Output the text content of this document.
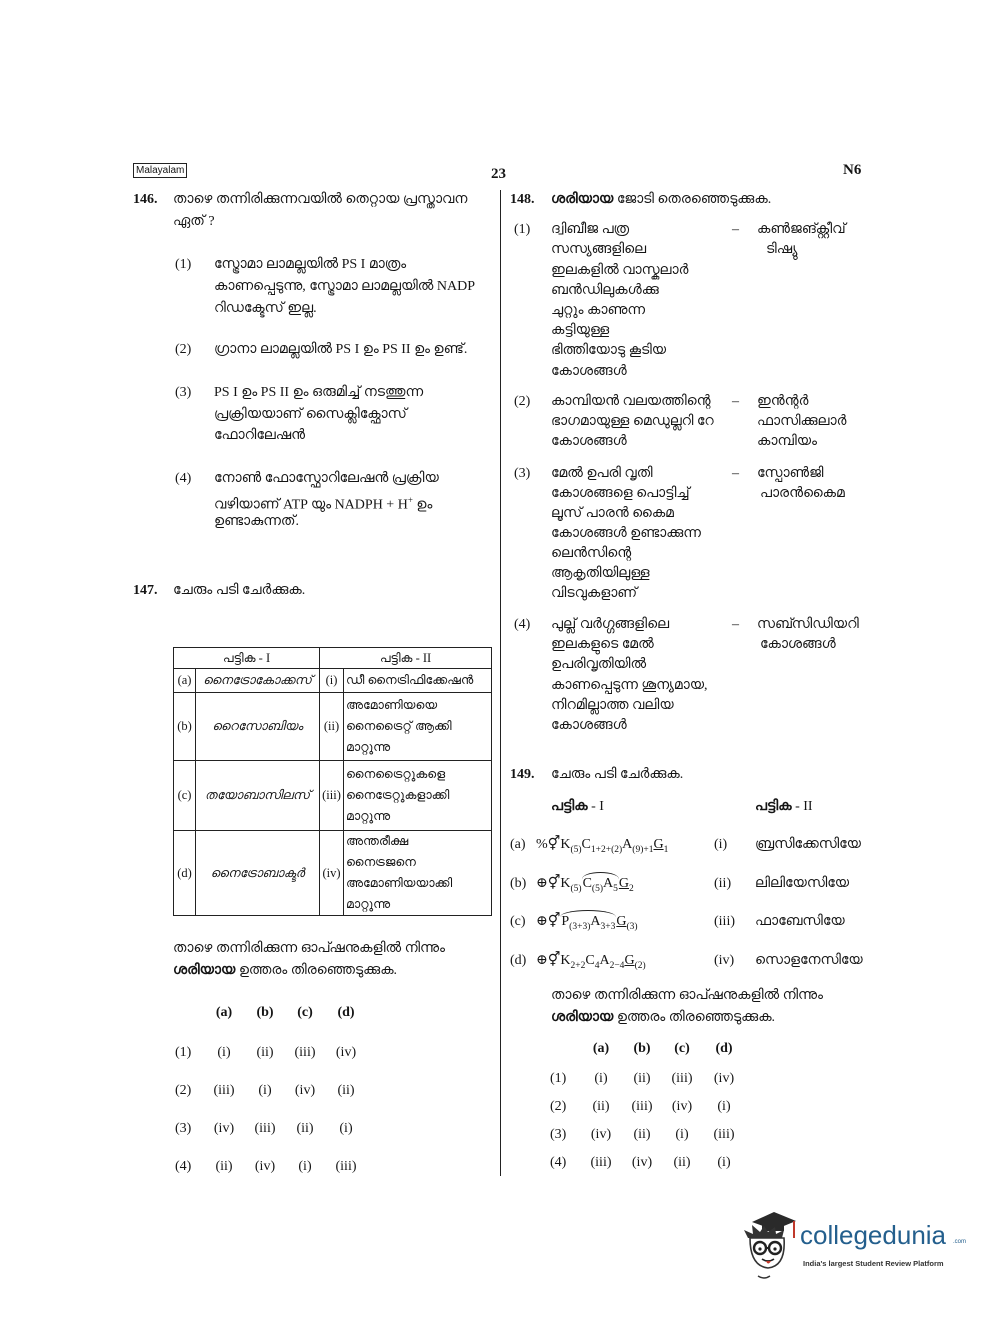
Malayalam	23	N6
146. താഴെ തന്നിരിക്കുന്നവയിൽ തെറ്റായ പ്രസ്താവന
ഏത് ?
(1) സ്ട്രോമാ ലാമല്ലയിൽ PS I മാത്രം
കാണപ്പെടുന്നു, സ്ട്രോമാ ലാമല്ലയിൽ NADP
റിഡക്ടേസ് ഇല്ല.
(2) ഗ്രാനാ ലാമല്ലയിൽ PS I ഉം PS II ഉം ഉണ്ട്.
(3) PS I ഉം PS II ഉം ഒരുമിച്ച് നടത്തുന്ന
പ്രക്രിയയാണ് സൈക്ലിക്ഫോസ്
ഫോറിലേഷൻ
(4) നോൺ ഫോസ്ഫോറിലേഷൻ പ്രക്രിയ
വഴിയാണ് ATP യും NADPH + H+ ഉം
ഉണ്ടാകുന്നത്.
147. ചേരും പടി ചേർക്കുക.
പട്ടിക - I		പട്ടിക - II	
(a)	നൈട്രോകോക്കസ്	(i)	ഡീ നൈട്രിഫിക്കേഷൻ

(b)	റൈസോബിയം	(ii)	അമോണിയയെ
നൈട്രൈറ്റ് ആക്കി
മാറ്റുന്നു

(c)	തയോബാസിലസ്	(iii)	നൈട്രൈറ്റുകളെ
നൈട്രേറ്റുകളാക്കി
മാറ്റുന്നു

(d)	നൈട്രോബാക്ടർ	(iv)	അന്തരീക്ഷ
നൈട്രജനെ
അമോണിയയാക്കി
മാറ്റുന്നു
താഴെ തന്നിരിക്കുന്ന ഓപ്ഷനുകളിൽ നിന്നും
ശരിയായ ഉത്തരം തിരഞ്ഞെടുക്കുക.
(a)	(b)	(c)	(d)
(1)	(i)	(ii)	(iii)	(iv)
(2)	(iii)	(i)	(iv)	(ii)
(3)	(iv)	(iii)	(ii)	(i)
(4)	(ii)	(iv)	(i)	(iii)
148. ശരിയായ ജോടി തെരഞ്ഞെടുക്കുക.
(1) ദ്വിബീജ പത്ര
സസ്യങ്ങളിലെ
ഇലകളിൽ വാസ്കുലാർ
ബൻഡിലുകൾക്കു
ചുറ്റും കാണുന്ന
കട്ടിയുള്ള
ഭിത്തിയോടു കൂടിയ
കോശങ്ങൾ
– കൺജങ്ക്റ്റീവ്
ടിഷ്യു
(2) കാമ്പിയൻ വലയത്തിന്റെ
ഭാഗമായുള്ള മെഡുല്ലറി റേ
കോശങ്ങൾ
– ഇൻന്റർ
ഫാസിക്കുലാർ
കാമ്പിയം
(3) മേൽ ഉപരി വൃതി
കോശങ്ങളെ പൊട്ടിച്ച്
ലൂസ് പാരൻ കൈമ
കോശങ്ങൾ ഉണ്ടാക്കുന്ന
ലെൻസിന്റെ
ആകൃതിയിലുള്ള
വിടവുകളാണ്
– സ്പോൺജി
പാരൻകൈമ
(4) പുല്ല് വർഗ്ഗങ്ങളിലെ
ഇലകളുടെ മേൽ
ഉപരിവൃതിയിൽ
കാണപ്പെടുന്ന ശൂന്യമായ,
നിറമില്ലാത്ത വലിയ
കോശങ്ങൾ
– സബ്സിഡിയറി
കോശങ്ങൾ
149. ചേരും പടി ചേർക്കുക.
പട്ടിക - I	പട്ടിക - II
(a) %⚥ K (5) C 1+2+(2) A (9)+1 G 1	(i) ബ്രസിക്കേസിയേ
(b) ⊕⚥ K (5) C (5) A 5 G 2	(ii) ലിലിയേസിയേ
(c) ⊕⚥ P (3+3) A 3+3 G (3)	(iii) ഫാബേസിയേ
(d) ⊕⚥ K 2+2 C 4 A 2−4 G (2)	(iv) സൊളനേസിയേ
താഴെ തന്നിരിക്കുന്ന ഓപ്ഷനുകളിൽ നിന്നും
ശരിയായ ഉത്തരം തിരഞ്ഞെടുക്കുക.
(a)	(b)	(c)	(d)
(1)	(i)	(ii)	(iii)	(iv)
(2)	(ii)	(iii)	(iv)	(i)
(3)	(iv)	(ii)	(i)	(iii)
(4)	(iii)	(iv)	(ii)	(i)
collegedunia .com
India's largest Student Review Platform
